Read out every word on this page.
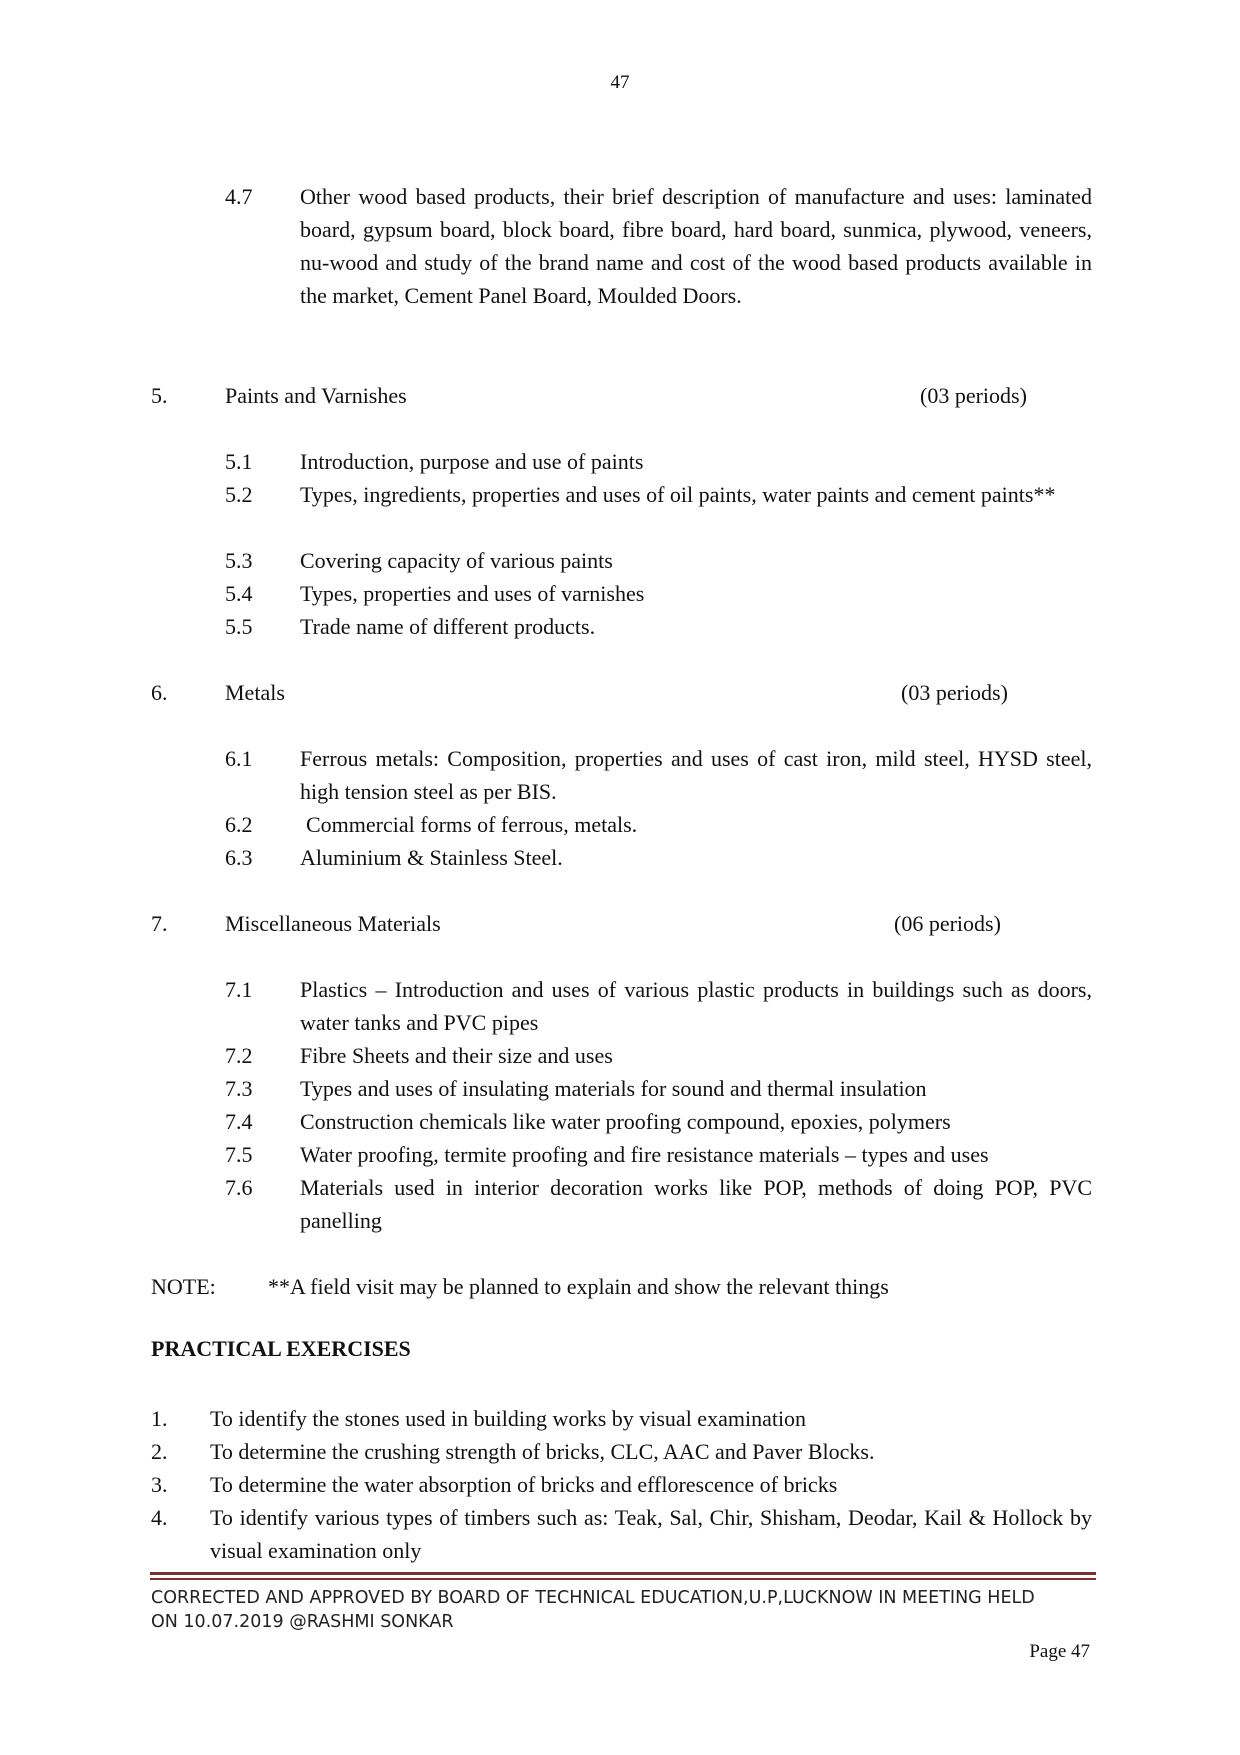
47
4.7 Other wood based products, their brief description of manufacture and uses: laminated board, gypsum board, block board, fibre board, hard board, sunmica, plywood, veneers, nu-wood and study of the brand name and cost of the wood based products available in the market, Cement Panel Board, Moulded Doors.
5.	Paints and Varnishes	(03 periods)
5.1 Introduction, purpose and use of paints
5.2 Types, ingredients, properties and uses of oil paints, water paints and cement paints**
5.3 Covering capacity of various paints
5.4 Types, properties and uses of varnishes
5.5 Trade name of different products.
6.	Metals	(03 periods)
6.1 Ferrous metals: Composition, properties and uses of cast iron, mild steel, HYSD steel, high tension steel as per BIS.
6.2 Commercial forms of ferrous, metals.
6.3 Aluminium & Stainless Steel.
7.	Miscellaneous Materials	(06 periods)
7.1 Plastics – Introduction and uses of various plastic products in buildings such as doors, water tanks and PVC pipes
7.2 Fibre Sheets and their size and uses
7.3 Types and uses of insulating materials for sound and thermal insulation
7.4 Construction chemicals like water proofing compound, epoxies, polymers
7.5 Water proofing, termite proofing and fire resistance materials – types and uses
7.6 Materials used in interior decoration works like POP, methods of doing POP, PVC panelling
NOTE: **A field visit may be planned to explain and show the relevant things
PRACTICAL EXERCISES
1. To identify the stones used in building works by visual examination
2. To determine the crushing strength of bricks, CLC, AAC and Paver Blocks.
3. To determine the water absorption of bricks and efflorescence of bricks
4. To identify various types of timbers such as: Teak, Sal, Chir, Shisham, Deodar, Kail & Hollock by visual examination only
CORRECTED AND APPROVED BY BOARD OF TECHNICAL EDUCATION,U.P,LUCKNOW IN MEETING HELD
ON 10.07.2019 @RASHMI SONKAR
Page 47
